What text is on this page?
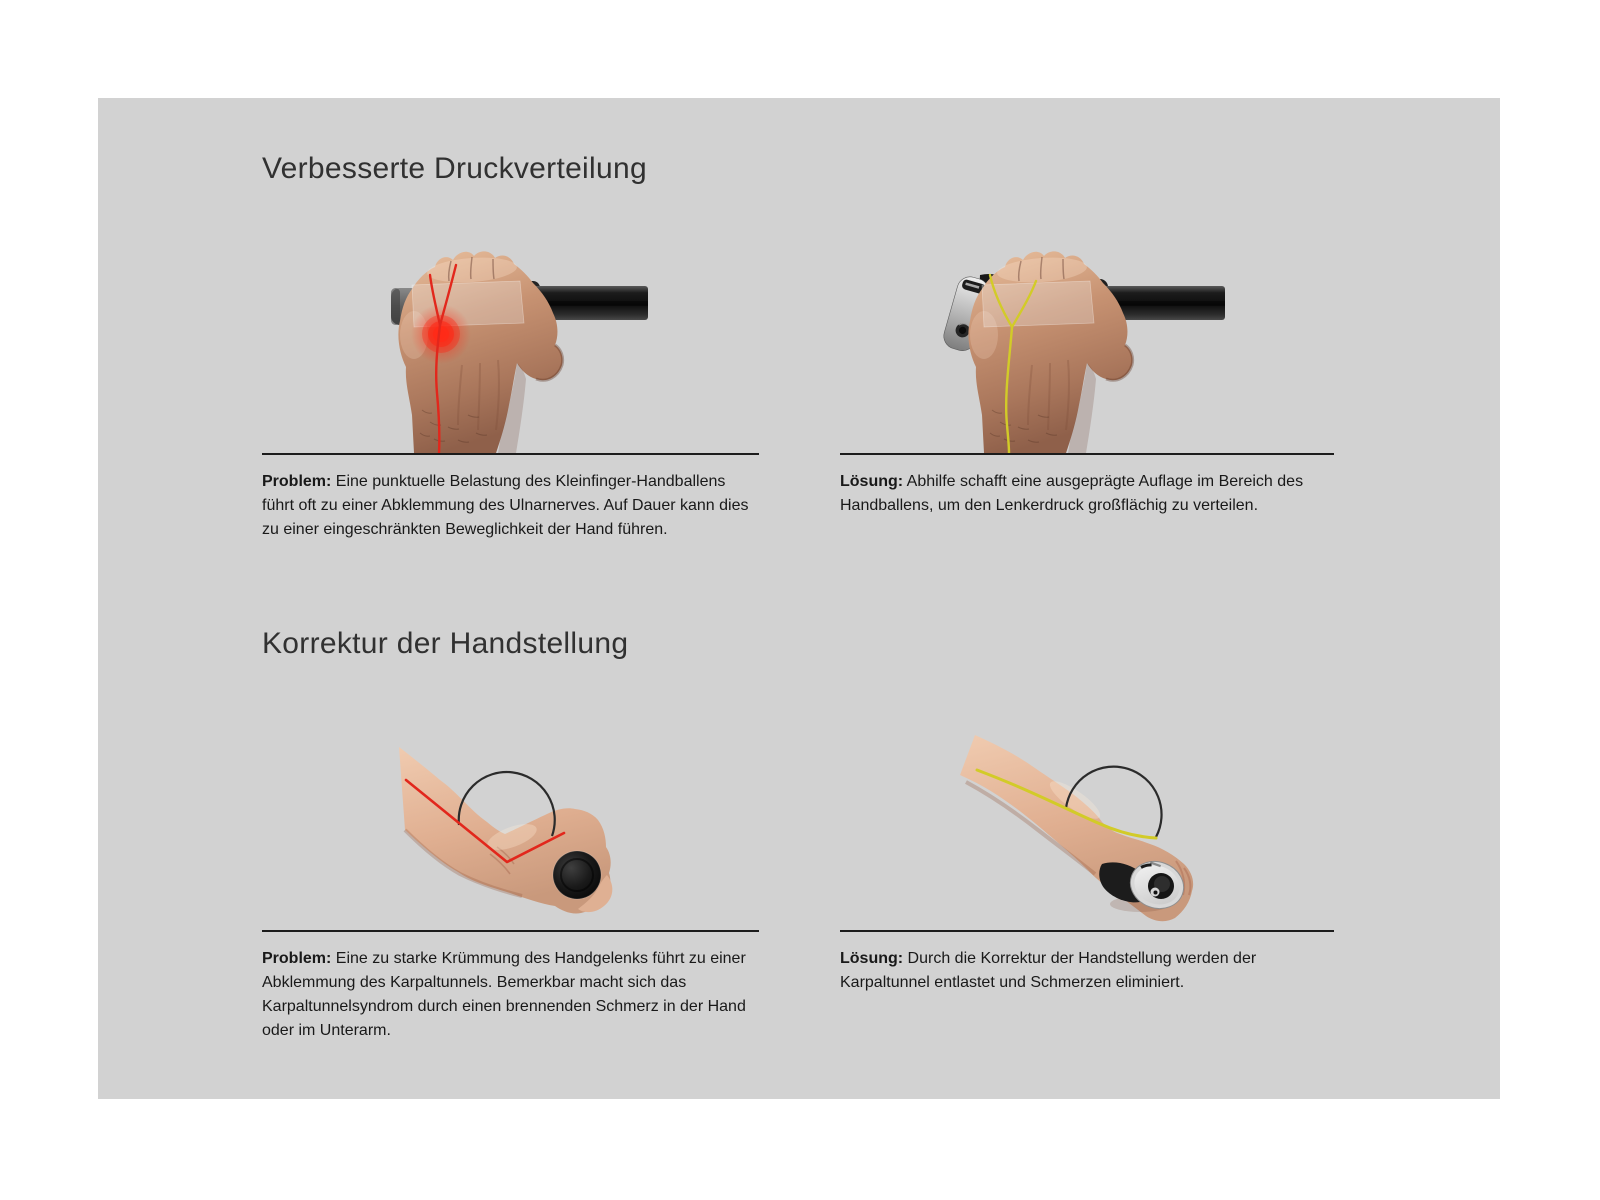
Verbesserte Druckverteilung

Problem: Eine punktuelle Belastung des Kleinfinger-Handballens führt oft zu einer Abklemmung des Ulnarnerves. Auf Dauer kann dies zu einer eingeschränkten Beweglichkeit der Hand führen.

Lösung: Abhilfe schafft eine ausgeprägte Auflage im Bereich des Handballens, um den Lenkerdruck großflächig zu verteilen.

Korrektur der Handstellung

Problem: Eine zu starke Krümmung des Handgelenks führt zu einer Abklemmung des Karpaltunnels. Bemerkbar macht sich das Karpaltunnelsyndrom durch einen brennenden Schmerz in der Hand oder im Unterarm.

Lösung: Durch die Korrektur der Handstellung werden der Karpaltunnel entlastet und Schmerzen eliminiert.
